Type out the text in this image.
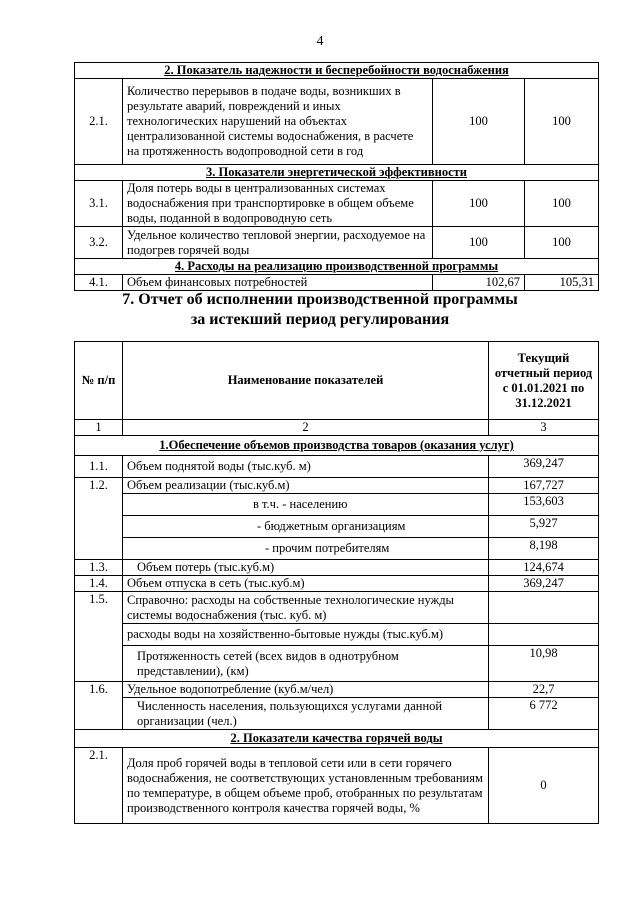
4
2. Показатель надежности и бесперебойности водоснабжения			
2.1.	Количество перерывов в подаче воды, возникших в результате аварий, повреждений и иных технологических нарушений на объектах централизованной системы водоснабжения, в расчете на протяженность водопроводной сети в год	100	100
3. Показатели энергетической эффективности			
3.1.	Доля потерь воды в централизованных системах водоснабжения при транспортировке в общем объеме воды, поданной в водопроводную сеть	100	100
3.2.	Удельное количество тепловой энергии, расходуемое на подогрев горячей воды	100	100
4. Расходы на реализацию производственной программы			
4.1.	Объем финансовых потребностей	102,67	105,31
7. Отчет об исполнении производственной программы
за истекший период регулирования
№ п/п	Наименование показателей	Текущий отчетный период с 01.01.2021 по 31.12.2021
1	2	3
1.Обеспечение объемов производства товаров (оказания услуг)		
1.1.	Объем поднятой воды (тыс.куб. м)	369,247
1.2.	Объем реализации (тыс.куб.м)	167,727
	в т.ч. - населению	153,603
	- бюджетным организациям	5,927
	- прочим потребителям	8,198
1.3.	Объем потерь (тыс.куб.м)	124,674
1.4.	Объем отпуска в сеть (тыс.куб.м)	369,247
1.5.	Справочно: расходы на собственные технологические нужды системы водоснабжения (тыс. куб. м)	
	расходы воды на хозяйственно-бытовые нужды (тыс.куб.м)	
	Протяженность сетей (всех видов в однотрубном представлении), (км)	10,98
1.6.	Удельное водопотребление (куб.м/чел)	22,7
	Численность населения, пользующихся услугами данной организации (чел.)	6 772
2. Показатели качества горячей воды		
2.1.	Доля проб горячей воды в тепловой сети или в сети горячего водоснабжения, не соответствующих установленным требованиям по температуре, в общем объеме проб, отобранных по результатам производственного контроля качества горячей воды, %	0
